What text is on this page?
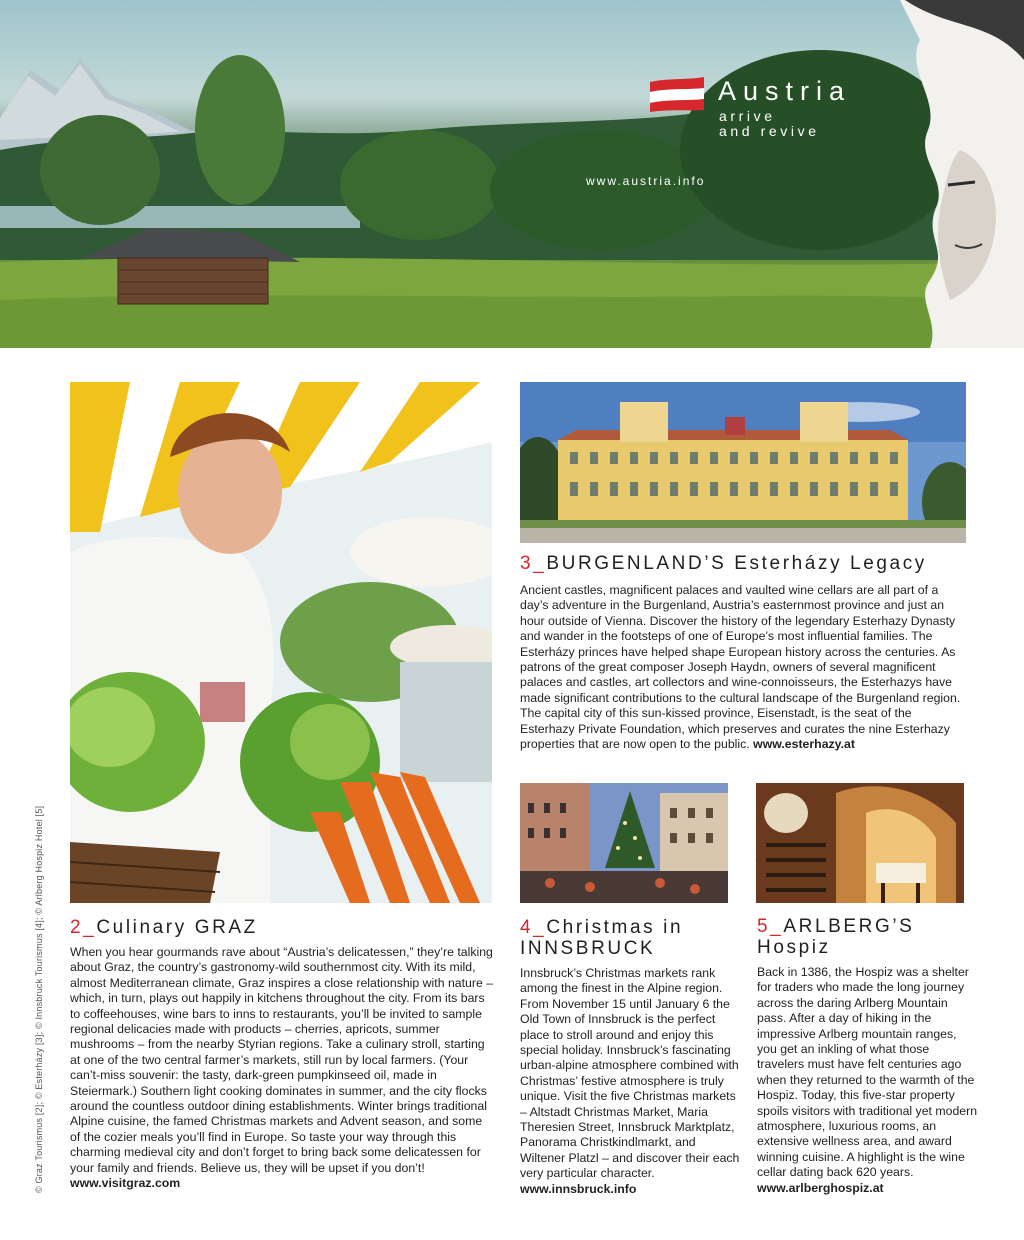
Austria
arrive
and revive
www.austria.info
3_BURGENLAND’S Esterházy Legacy

Ancient castles, magnificent palaces and vaulted wine cellars are all part of a day’s adventure in the Burgenland, Austria’s easternmost province and just an hour outside of Vienna. Discover the history of the legendary Esterhazy Dynasty and wander in the footsteps of one of Europe’s most influential families. The Esterházy princes have helped shape European history across the centuries. As patrons of the great composer Joseph Haydn, owners of several magnificent palaces and castles, art collectors and wine-connoisseurs, the Esterhazys have made significant contributions to the cultural landscape of the Burgenland region. The capital city of this sun-kissed province, Eisenstadt, is the seat of the Esterhazy Private Foundation, which preserves and curates the nine Esterhazy properties that are now open to the public. www.esterhazy.at

2_Culinary GRAZ

When you hear gourmands rave about “Austria’s delicatessen,” they’re talking about Graz, the country’s gastronomy-wild southernmost city. With its mild, almost Mediterranean climate, Graz inspires a close relationship with nature – which, in turn, plays out happily in kitchens throughout the city. From its bars to coffeehouses, wine bars to inns to restaurants, you’ll be invited to sample regional delicacies made with products – cherries, apricots, summer mushrooms – from the nearby Styrian regions. Take a culinary stroll, starting at one of the two central farmer’s markets, still run by local farmers. (Your can’t-miss souvenir: the tasty, dark-green pumpkinseed oil, made in Steiermark.) Southern light cooking dominates in summer, and the city flocks around the countless outdoor dining establishments. Winter brings traditional Alpine cuisine, the famed Christmas markets and Advent season, and some of the cozier meals you’ll find in Europe. So taste your way through this charming medieval city and don’t forget to bring back some delicatessen for your family and friends. Believe us, they will be upset if you don’t! www.visitgraz.com

4_Christmas in INNSBRUCK

Innsbruck’s Christmas markets rank among the finest in the Alpine region. From November 15 until January 6 the Old Town of Innsbruck is the perfect place to stroll around and enjoy this special holiday. Innsbruck’s fascinating urban-alpine atmosphere combined with Christmas’ festive atmosphere is truly unique. Visit the five Christmas markets – Altstadt Christmas Market, Maria Theresien Street, Innsbruck Marktplatz, Panorama Christkindlmarkt, and Wiltener Platzl – and discover their each very particular character. www.innsbruck.info

5_ARLBERG’S Hospiz

Back in 1386, the Hospiz was a shelter for traders who made the long journey across the daring Arlberg Mountain pass. After a day of hiking in the impressive Arlberg mountain ranges, you get an inkling of what those travelers must have felt centuries ago when they returned to the warmth of the Hospiz. Today, this five-star property spoils visitors with traditional yet modern atmosphere, luxurious rooms, an extensive wellness area, and award winning cuisine. A highlight is the wine cellar dating back 620 years. www.arlberghospiz.at

© Graz Tourismus [2]; © Esterházy [3]; © Innsbruck Tourismus [4]; © Arlberg Hospiz Hotel [5]
